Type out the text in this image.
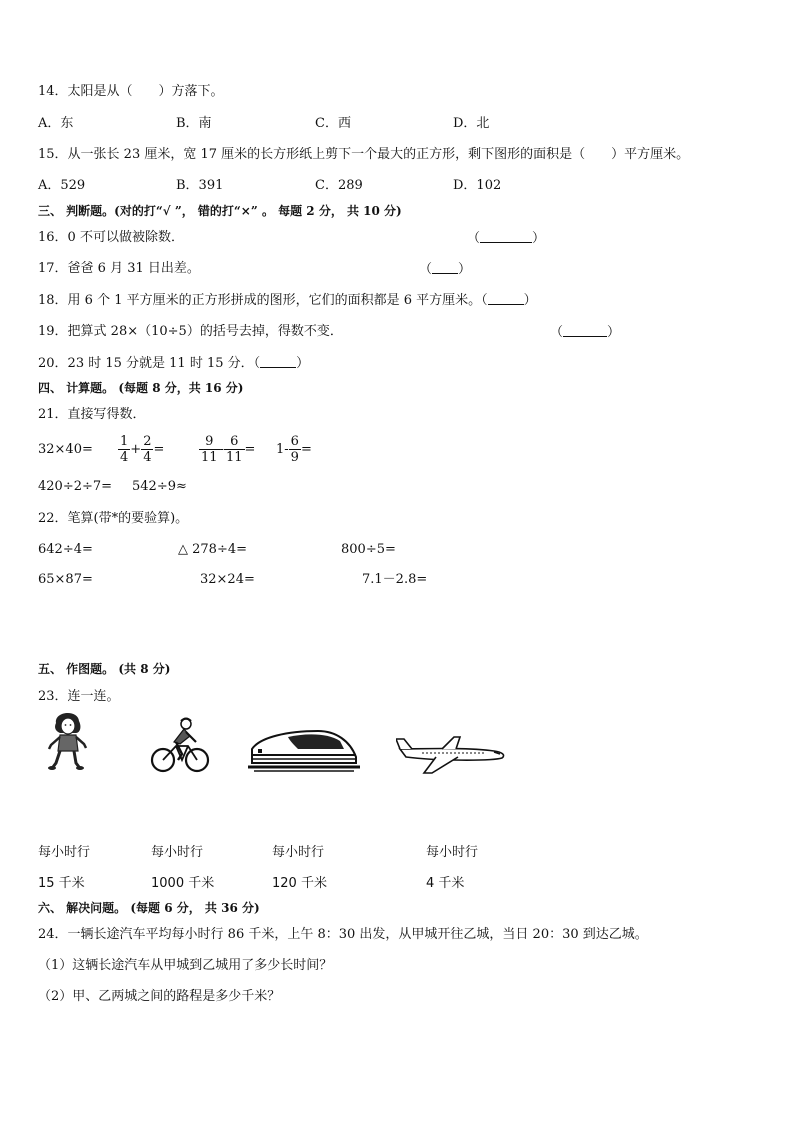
14．太阳是从（　　）方落下。
A．东	B．南	C．西	D．北
15．从一张长 23 厘米，宽 17 厘米的长方形纸上剪下一个最大的正方形，剩下图形的面积是（　　）平方厘米。
A．529	B．391	C．289	D．102
三、 判断题。(对的打“√ ”， 错的打“×” 。 每题 2 分， 共 10 分)
16．0 不可以做被除数．	（	）
17．爸爸 6 月 31 日出差。	（ ）
18．用 6 个 1 平方厘米的正方形拼成的图形，它们的面积都是 6 平方厘米。（	）
19．把算式 28×（10÷5）的括号去掉，得数不变．	（	）
20．23 时 15 分就是 11 时 15 分．（	）
四、 计算题。 (每题 8 分，共 16 分)
21．直接写得数．
$32\times 40= \frac{1}{4} + \frac{2}{4}$ =	$\frac{9}{11} - \frac{6}{11} = 1- \frac{6}{9}$ =
420÷2÷7= 542÷9≈
22．笔算(带*的要验算)。
642÷4=	△ 278÷4=	800÷5=
65×87=	32×24=	7.1－2.8=
五、 作图题。 (共 8 分)
23．连一连。
每小时行	每小时行	每小时行	每小时行
15 千米	1000 千米	120 千米	4 千米
六、 解决问题。 (每题 6 分， 共 36 分)
24．一辆长途汽车平均每小时行 86 千米，上午 8：30 出发，从甲城开往乙城，当日 20：30 到达乙城。
（1）这辆长途汽车从甲城到乙城用了多少长时间？
（2）甲、乙两城之间的路程是多少千米？
